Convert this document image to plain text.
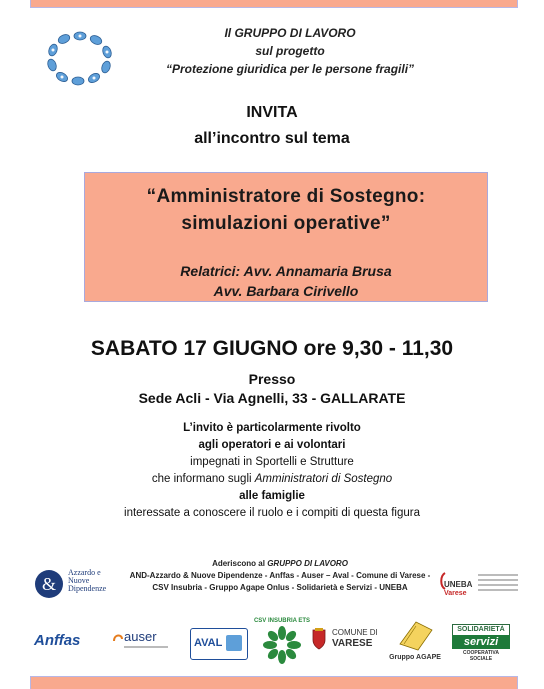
Il GRUPPO DI LAVORO
sul progetto
“Protezione giuridica per le persone fragili”
INVITA
all’incontro sul tema
“Amministratore di Sostegno:
simulazioni operative”
Relatrici: Avv. Annamaria Brusa
Avv. Barbara Cirivello
SABATO 17 GIUGNO ore 9,30 - 11,30
Presso
Sede Acli - Via Agnelli, 33 - GALLARATE
L’invito è particolarmente rivolto
agli operatori e ai volontari
impegnati in Sportelli e Strutture
che informano sugli Amministratori di Sostegno
alle famiglie
interessate a conoscere il ruolo e i compiti di questa figura
Aderiscono al GRUPPO DI LAVORO
AND-Azzardo & Nuove Dipendenze - Anffas - Auser – Aval - Comune di Varese -
CSV Insubria - Gruppo Agape Onlus - Solidarietà e Servizi - UNEBA
&
Azzardo e
Nuove
Dipendenze	UNEBA
Varese
Anffas	auser	AVAL
CSV INSUBRIA ETS
COMUNE DI
VARESE
Gruppo AGAPE
SOLIDARIETÀ
servizi
COOPERATIVA SOCIALE
